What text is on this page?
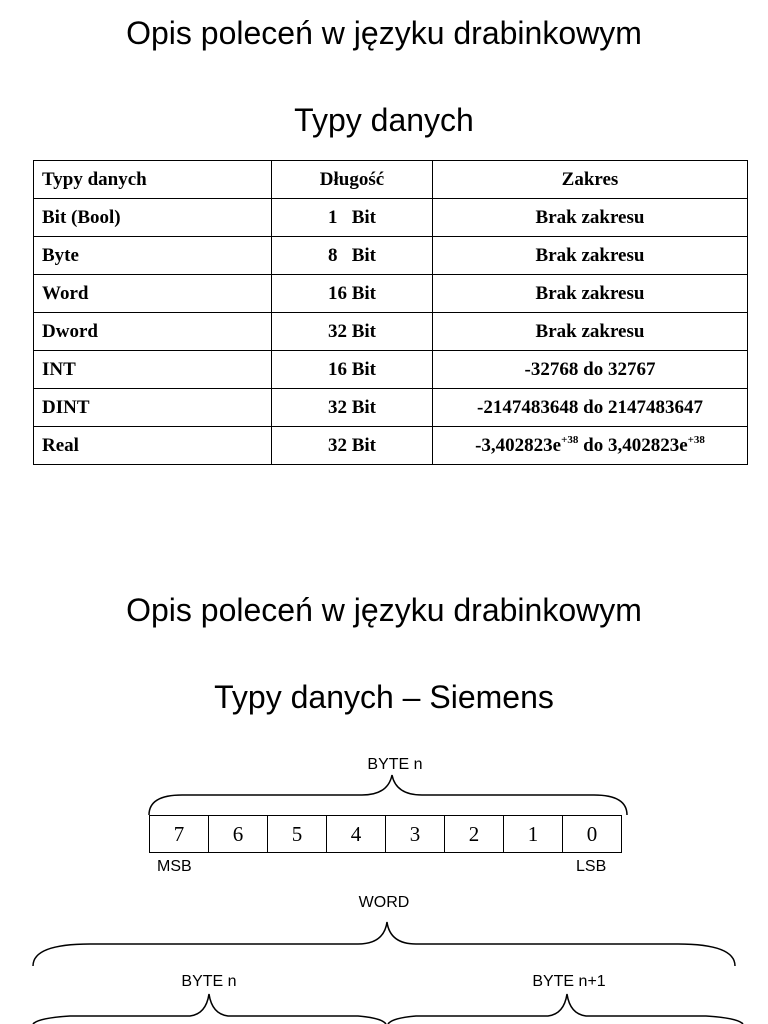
Opis poleceń w języku drabinkowym
Typy danych
Typy danych	Długość	Zakres
Bit (Bool)	1   Bit	Brak zakresu
Byte	8   Bit	Brak zakresu
Word	16 Bit	Brak zakresu
Dword	32 Bit	Brak zakresu
INT	16 Bit	-32768 do 32767
DINT	32 Bit	-2147483648 do 2147483647
Real	32 Bit	$-3,402823e^{+38}$ do $3,402823e^{+38}$
Opis poleceń w języku drabinkowym
Typy danych – Siemens
BYTE n
7	6	5	4	3	2	1	0
MSB	LSB
WORD
BYTE n	BYTE n+1
